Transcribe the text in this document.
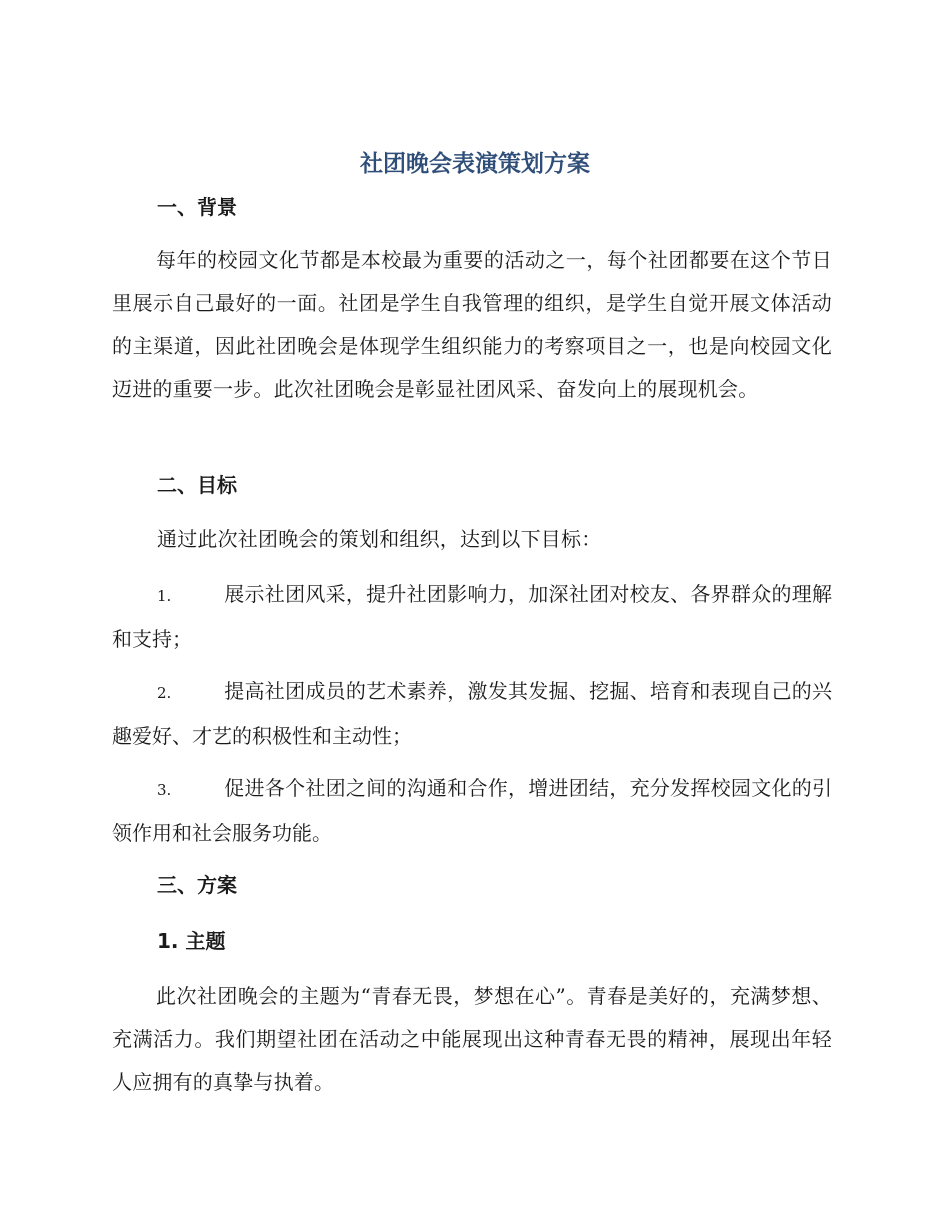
社团晚会表演策划方案
一、背景
每年的校园文化节都是本校最为重要的活动之一，每个社团都要在这个节日里展示自己最好的一面。社团是学生自我管理的组织，是学生自觉开展文体活动的主渠道，因此社团晚会是体现学生组织能力的考察项目之一，也是向校园文化迈进的重要一步。此次社团晚会是彰显社团风采、奋发向上的展现机会。
二、目标
通过此次社团晚会的策划和组织，达到以下目标：
1.	展示社团风采，提升社团影响力，加深社团对校友、各界群众的理解和支持；
2.	提高社团成员的艺术素养，激发其发掘、挖掘、培育和表现自己的兴趣爱好、才艺的积极性和主动性；
3.	促进各个社团之间的沟通和合作，增进团结，充分发挥校园文化的引领作用和社会服务功能。
三、方案
1. 主题
此次社团晚会的主题为“青春无畏，梦想在心”。青春是美好的，充满梦想、充满活力。我们期望社团在活动之中能展现出这种青春无畏的精神，展现出年轻人应拥有的真挚与执着。
